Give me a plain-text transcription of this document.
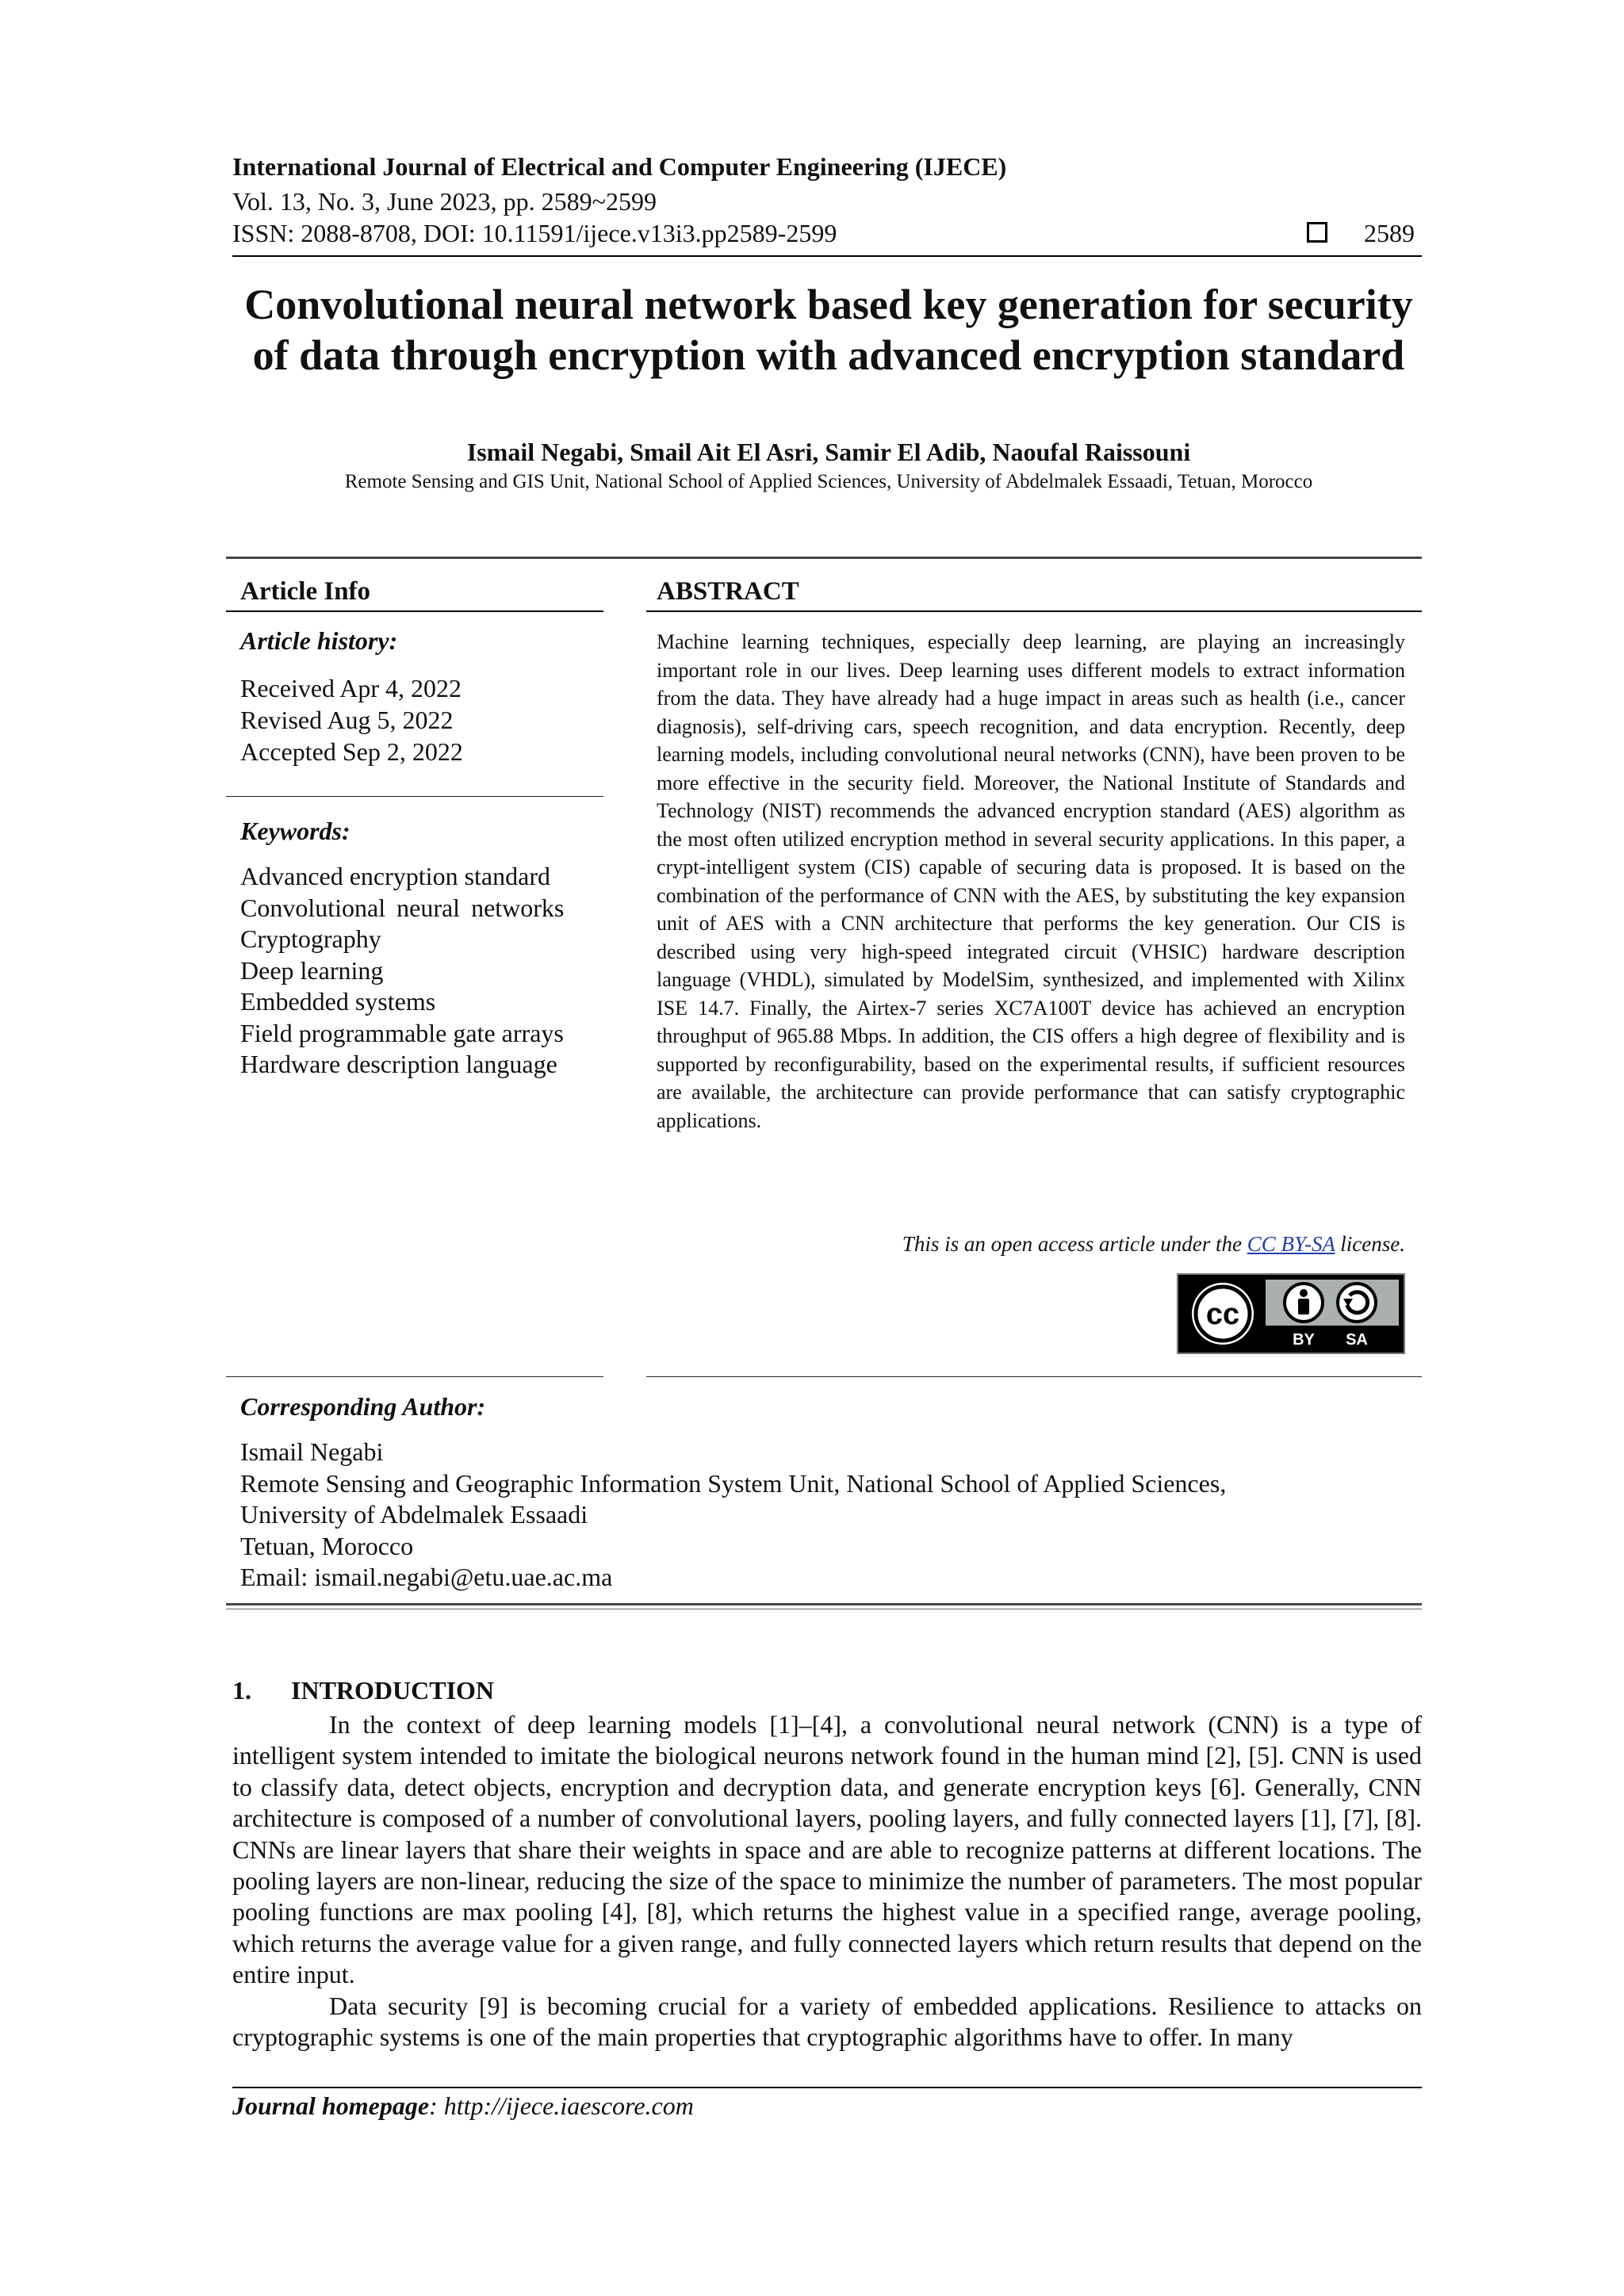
International Journal of Electrical and Computer Engineering (IJECE)
Vol. 13, No. 3, June 2023, pp. 2589~2599
ISSN: 2088-8708, DOI: 10.11591/ijece.v13i3.pp2589-2599	2589
Convolutional neural network based key generation for security
of data through encryption with advanced encryption standard
Ismail Negabi, Smail Ait El Asri, Samir El Adib, Naoufal Raissouni
Remote Sensing and GIS Unit, National School of Applied Sciences, University of Abdelmalek Essaadi, Tetuan, Morocco
Article Info
Article history:
Received Apr 4, 2022
Revised Aug 5, 2022
Accepted Sep 2, 2022
Keywords:
Advanced encryption standard
Convolutional neural networks
Cryptography
Deep learning
Embedded systems
Field programmable gate arrays
Hardware description language
ABSTRACT

Machine learning techniques, especially deep learning, are playing an increasingly important role in our lives. Deep learning uses different models to extract information from the data. They have already had a huge impact in areas such as health (i.e., cancer diagnosis), self-driving cars, speech recognition, and data encryption. Recently, deep learning models, including convolutional neural networks (CNN), have been proven to be more effective in the security field. Moreover, the National Institute of Standards and Technology (NIST) recommends the advanced encryption standard (AES) algorithm as the most often utilized encryption method in several security applications. In this paper, a crypt-intelligent system (CIS) capable of securing data is proposed. It is based on the combination of the performance of CNN with the AES, by substituting the key expansion unit of AES with a CNN architecture that performs the key generation. Our CIS is described using very high-speed integrated circuit (VHSIC) hardware description language (VHDL), simulated by ModelSim, synthesized, and implemented with Xilinx ISE 14.7. Finally, the Airtex-7 series XC7A100T device has achieved an encryption throughput of 965.88 Mbps. In addition, the CIS offers a high degree of flexibility and is supported by reconfigurability, based on the experimental results, if sufficient resources are available, the architecture can provide performance that can satisfy cryptographic applications.

This is an open access article under the CC BY-SA license.
cc
BY SA
Corresponding Author:
Ismail Negabi
Remote Sensing and Geographic Information System Unit, National School of Applied Sciences,
University of Abdelmalek Essaadi
Tetuan, Morocco
Email: ismail.negabi@etu.uae.ac.ma
1. INTRODUCTION

In the context of deep learning models [1]–[4], a convolutional neural network (CNN) is a type of intelligent system intended to imitate the biological neurons network found in the human mind [2], [5]. CNN is used to classify data, detect objects, encryption and decryption data, and generate encryption keys [6]. Generally, CNN architecture is composed of a number of convolutional layers, pooling layers, and fully connected layers [1], [7], [8]. CNNs are linear layers that share their weights in space and are able to recognize patterns at different locations. The pooling layers are non-linear, reducing the size of the space to minimize the number of parameters. The most popular pooling functions are max pooling [4], [8], which returns the highest value in a specified range, average pooling, which returns the average value for a given range, and fully connected layers which return results that depend on the entire input.

Data security [9] is becoming crucial for a variety of embedded applications. Resilience to attacks on cryptographic systems is one of the main properties that cryptographic algorithms have to offer. In many

Journal homepage: http://ijece.iaescore.com
